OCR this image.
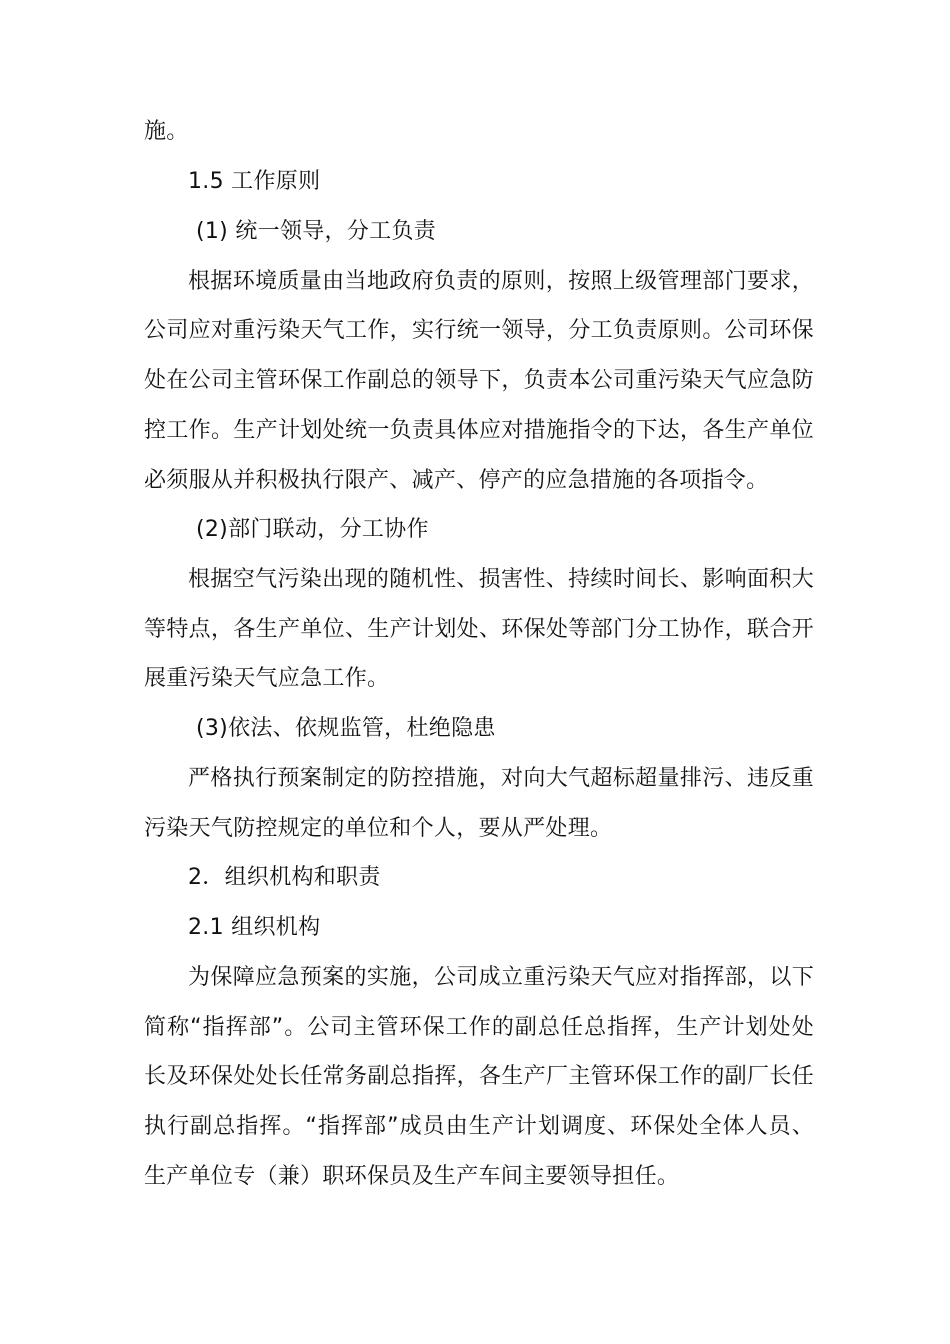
施。
1.5 工作原则
(1) 统一领导，分工负责
根据环境质量由当地政府负责的原则，按照上级管理部门要求，
公司应对重污染天气工作，实行统一领导，分工负责原则。公司环保
处在公司主管环保工作副总的领导下，负责本公司重污染天气应急防
控工作。生产计划处统一负责具体应对措施指令的下达，各生产单位
必须服从并积极执行限产、减产、停产的应急措施的各项指令。
(2)部门联动，分工协作
根据空气污染出现的随机性、损害性、持续时间长、影响面积大
等特点，各生产单位、生产计划处、环保处等部门分工协作，联合开
展重污染天气应急工作。
(3)依法、依规监管，杜绝隐患
严格执行预案制定的防控措施，对向大气超标超量排污、违反重
污染天气防控规定的单位和个人，要从严处理。
2．组织机构和职责
2.1 组织机构
为保障应急预案的实施，公司成立重污染天气应对指挥部，以下
简称“指挥部”。公司主管环保工作的副总任总指挥，生产计划处处
长及环保处处长任常务副总指挥，各生产厂主管环保工作的副厂长任
执行副总指挥。“指挥部”成员由生产计划调度、环保处全体人员、
生产单位专（兼）职环保员及生产车间主要领导担任。
